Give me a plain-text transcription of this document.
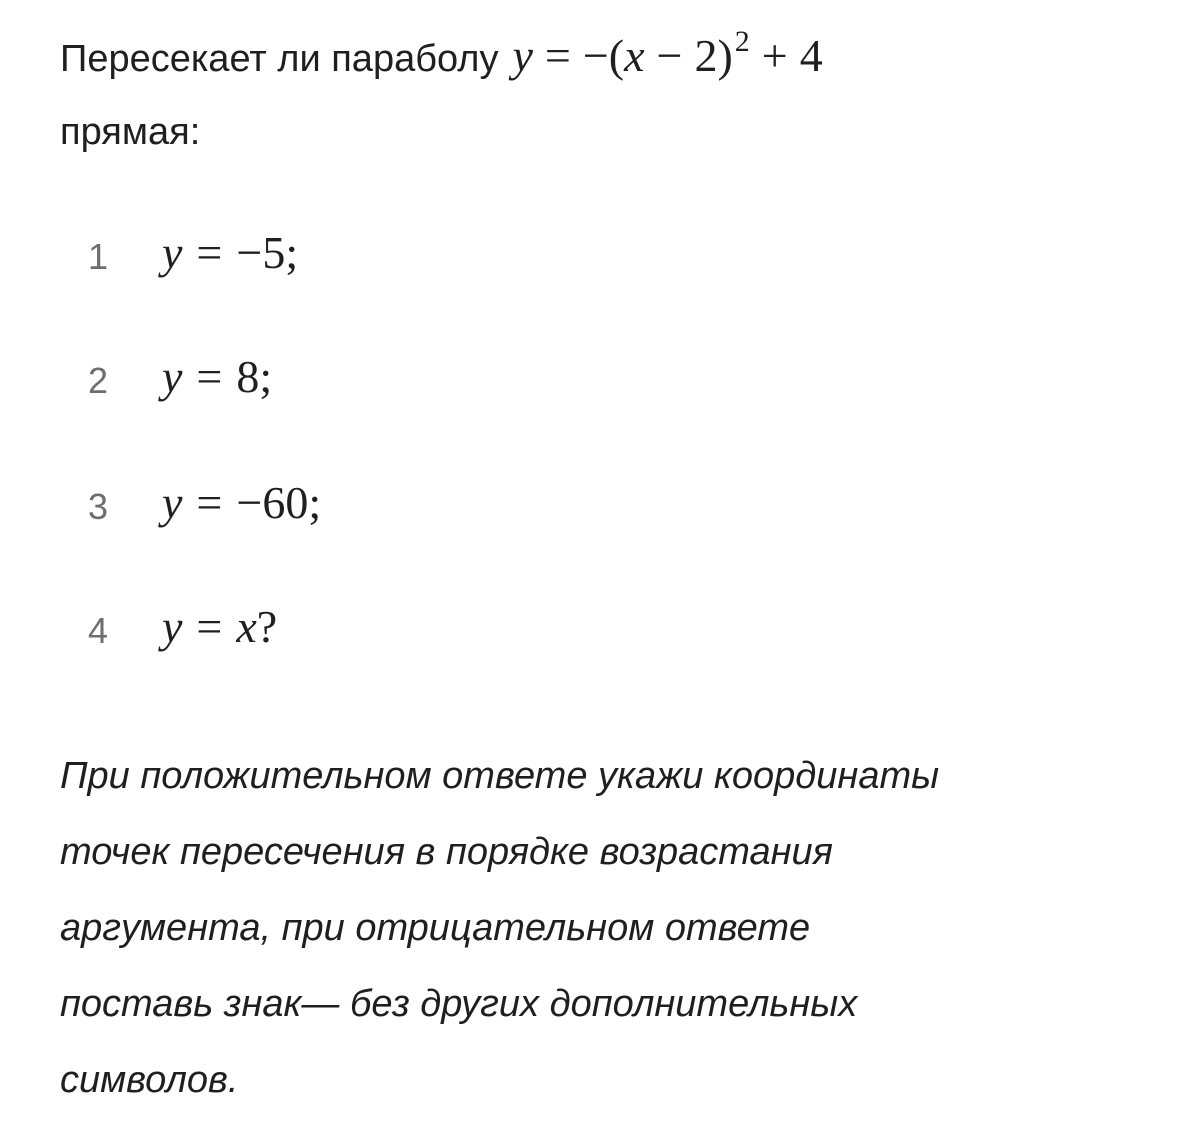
Пересекает ли параболу $y = -(x - 2)^2 + 4$
прямая:
1 y = −5;
2 y = 8;
3 y = −60;
4 y = x?
При положительном ответе укажи координаты
точек пересечения в порядке возрастания
аргумента, при отрицательном ответе
поставь знак— без других дополнительных
символов.
